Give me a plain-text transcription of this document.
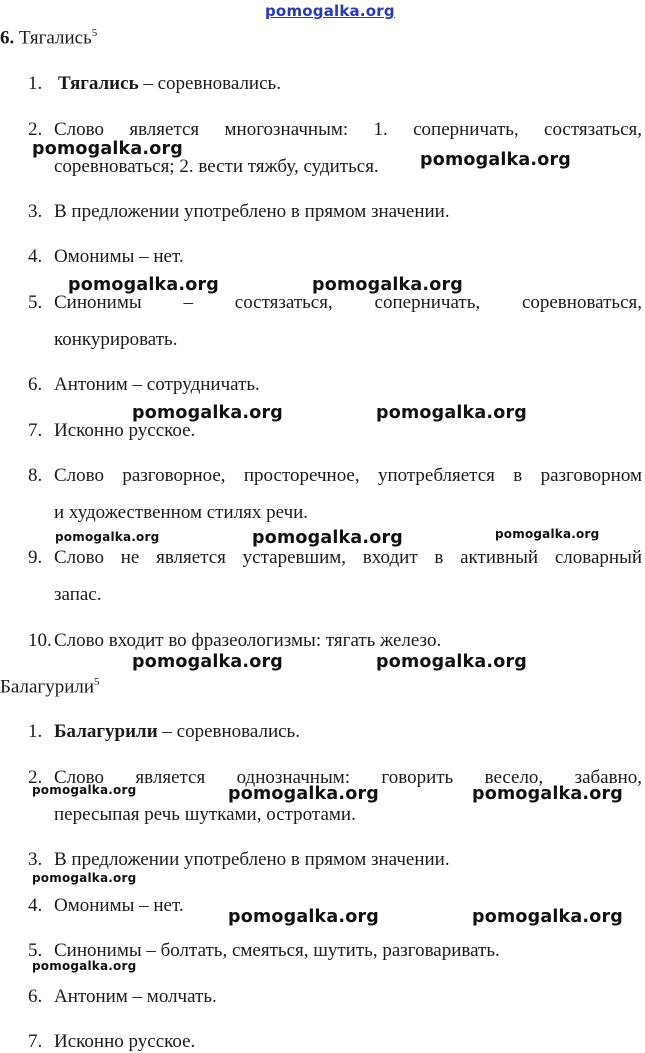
pomogalka.org
6. Тягались$^5$
1. Тягались – соревновались.
2. Слово является многозначным: 1. соперничать, состязаться,
соревноваться; 2. вести тяжбу, судиться.
3. В предложении употреблено в прямом значении.
4. Омонимы – нет.
5. Синонимы – состязаться, соперничать, соревноваться,
конкурировать.
6. Антоним – сотрудничать.
7. Исконно русское.
8. Слово разговорное, просторечное, употребляется в разговорном
и художественном стилях речи.
9. Слово не является устаревшим, входит в активный словарный
запас.
10. Слово входит во фразеологизмы: тягать железо.
Балагурили$^5$
1. Балагурили – соревновались.
2. Слово является однозначным: говорить весело, забавно,
пересыпая речь шутками, остротами.
3. В предложении употреблено в прямом значении.
4. Омонимы – нет.
5. Синонимы – болтать, смеяться, шутить, разговаривать.
6. Антоним – молчать.
7. Исконно русское.
pomogalka.org
pomogalka.org
pomogalka.org	pomogalka.org
pomogalka.org	pomogalka.org
pomogalka.org	pomogalka.org	pomogalka.org
pomogalka.org	pomogalka.org
pomogalka.org	pomogalka.org	pomogalka.org
pomogalka.org
pomogalka.org	pomogalka.org
pomogalka.org
